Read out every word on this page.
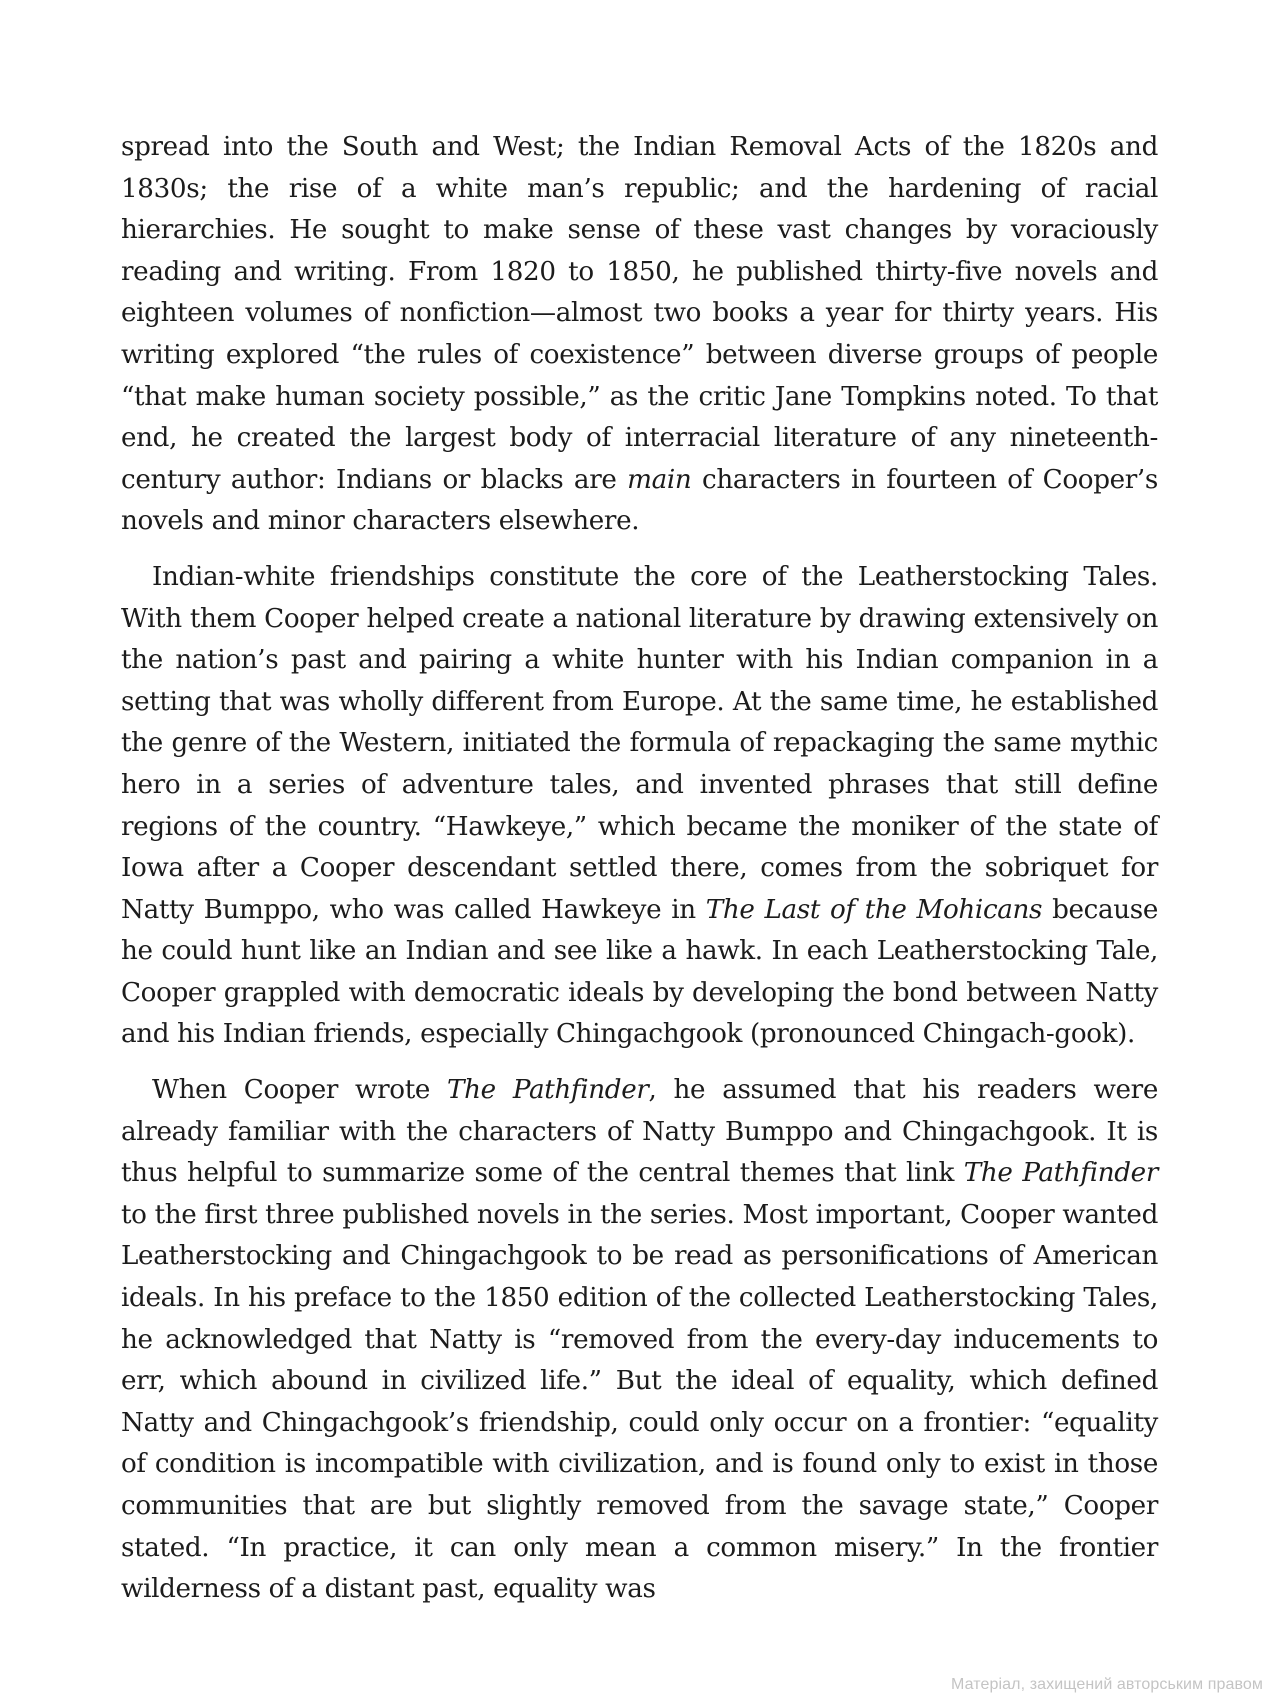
spread into the South and West; the Indian Removal Acts of the 1820s and 1830s; the rise of a white man’s republic; and the hardening of racial hierarchies. He sought to make sense of these vast changes by voraciously reading and writing. From 1820 to 1850, he published thirty-five novels and eighteen volumes of nonfiction—almost two books a year for thirty years. His writing explored “the rules of coexistence” between diverse groups of people “that make human society possible,” as the critic Jane Tompkins noted. To that end, he created the largest body of interracial literature of any nineteenth-century author: Indians or blacks are main characters in fourteen of Cooper’s novels and minor characters elsewhere.

Indian-white friendships constitute the core of the Leatherstocking Tales. With them Cooper helped create a national literature by drawing extensively on the nation’s past and pairing a white hunter with his Indian companion in a setting that was wholly different from Europe. At the same time, he established the genre of the Western, initiated the formula of repackaging the same mythic hero in a series of adventure tales, and invented phrases that still define regions of the country. “Hawkeye,” which became the moniker of the state of Iowa after a Cooper descendant settled there, comes from the sobriquet for Natty Bumppo, who was called Hawkeye in The Last of the Mohicans because he could hunt like an Indian and see like a hawk. In each Leatherstocking Tale, Cooper grappled with democratic ideals by developing the bond between Natty and his Indian friends, especially Chingachgook (pronounced Chingach-gook).

When Cooper wrote The Pathfinder, he assumed that his readers were already familiar with the characters of Natty Bumppo and Chingachgook. It is thus helpful to summarize some of the central themes that link The Pathfinder to the first three published novels in the series. Most important, Cooper wanted Leatherstocking and Chingachgook to be read as personifications of American ideals. In his preface to the 1850 edition of the collected Leatherstocking Tales, he acknowledged that Natty is “removed from the every-day inducements to err, which abound in civilized life.” But the ideal of equality, which defined Natty and Chingachgook’s friendship, could only occur on a frontier: “equality of condition is incompatible with civilization, and is found only to exist in those communities that are but slightly removed from the savage state,” Cooper stated. “In practice, it can only mean a common misery.” In the frontier wilderness of a distant past, equality was

Матеріал, захищений авторським правом
